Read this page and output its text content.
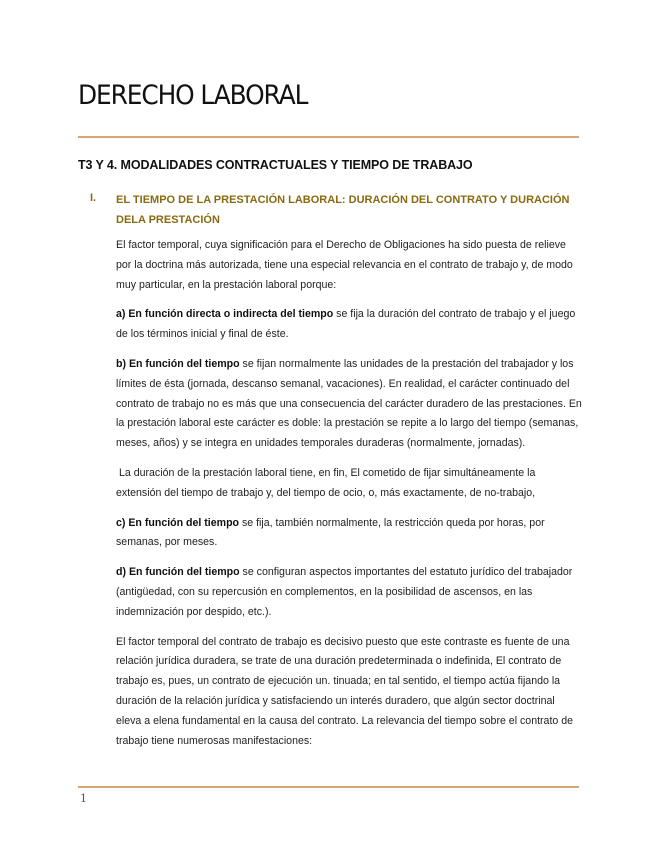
DERECHO LABORAL
T3 Y 4. MODALIDADES CONTRACTUALES Y TIEMPO DE TRABAJO
I. EL TIEMPO DE LA PRESTACIÓN LABORAL: DURACIÓN DEL CONTRATO Y DURACIÓN DELA PRESTACIÓN

El factor temporal, cuya significación para el Derecho de Obligaciones ha sido puesta de relieve por la doctrina más autorizada, tiene una especial relevancia en el contrato de trabajo y, de modo muy particular, en la prestación laboral porque:

a) En función directa o indirecta del tiempo se fija la duración del contrato de trabajo y el juego de los términos inicial y final de éste.

b) En función del tiempo se fijan normalmente las unidades de la prestación del trabajador y los límites de ésta (jornada, descanso semanal, vacaciones). En realidad, el carácter continuado del contrato de trabajo no es más que una consecuencia del carácter duradero de las prestaciones. En la prestación laboral este carácter es doble: la prestación se repite a lo largo del tiempo (semanas, meses, años) y se integra en unidades temporales duraderas (normalmente, jornadas).

La duración de la prestación laboral tiene, en fin, El cometido de fijar simultáneamente la extensión del tiempo de trabajo y, del tiempo de ocio, o, más exactamente, de no-trabajo,

c) En función del tiempo se fija, también normalmente, la restricción queda por horas, por semanas, por meses.

d) En función del tiempo se configuran aspectos importantes del estatuto jurídico del trabajador (antigüedad, con su repercusión en complementos, en la posibilidad de ascensos, en las indemnización por despido, etc.).

El factor temporal del contrato de trabajo es decisivo puesto que este contraste es fuente de una relación jurídica duradera, se trate de una duración predeterminada o indefinida, El contrato de trabajo es, pues, un contrato de ejecución un. tinuada; en tal sentido, el tiempo actúa fijando la duración de la relación jurídica y satisfaciendo un interés duradero, que algún sector doctrinal eleva a elena fundamental en la causa del contrato. La relevancia del tiempo sobre el contrato de trabajo tiene numerosas manifestaciones:

1
